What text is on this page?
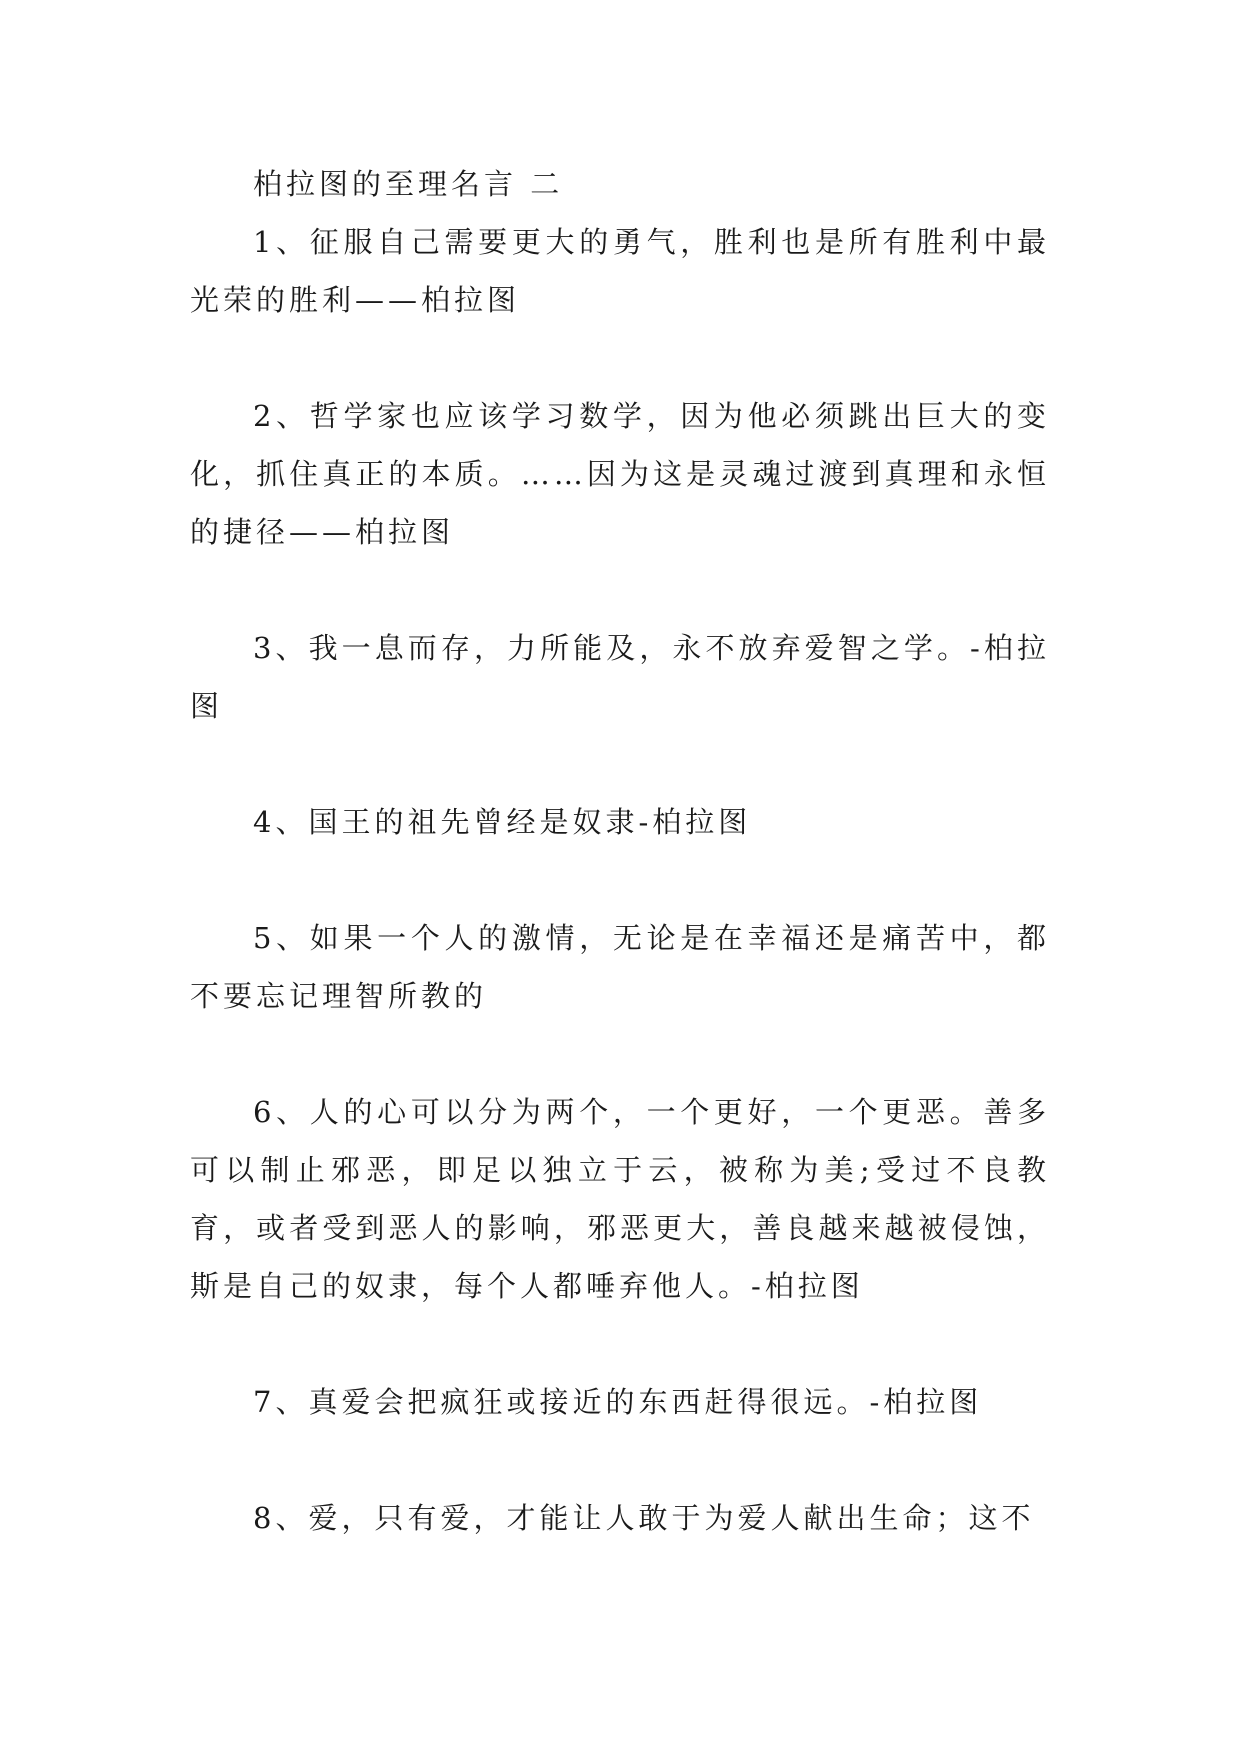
柏拉图的至理名言 二

1、征服自己需要更大的勇气，胜利也是所有胜利中最光荣的胜利——柏拉图

2、哲学家也应该学习数学，因为他必须跳出巨大的变化，抓住真正的本质。……因为这是灵魂过渡到真理和永恒的捷径——柏拉图

3、我一息而存，力所能及，永不放弃爱智之学。-柏拉图

4、国王的祖先曾经是奴隶-柏拉图

5、如果一个人的激情，无论是在幸福还是痛苦中，都不要忘记理智所教的

6、人的心可以分为两个，一个更好，一个更恶。善多可以制止邪恶，即足以独立于云，被称为美;受过不良教育，或者受到恶人的影响，邪恶更大，善良越来越被侵蚀，斯是自己的奴隶，每个人都唾弃他人。-柏拉图

7、真爱会把疯狂或接近的东西赶得很远。-柏拉图

8、爱，只有爱，才能让人敢于为爱人献出生命；这不
